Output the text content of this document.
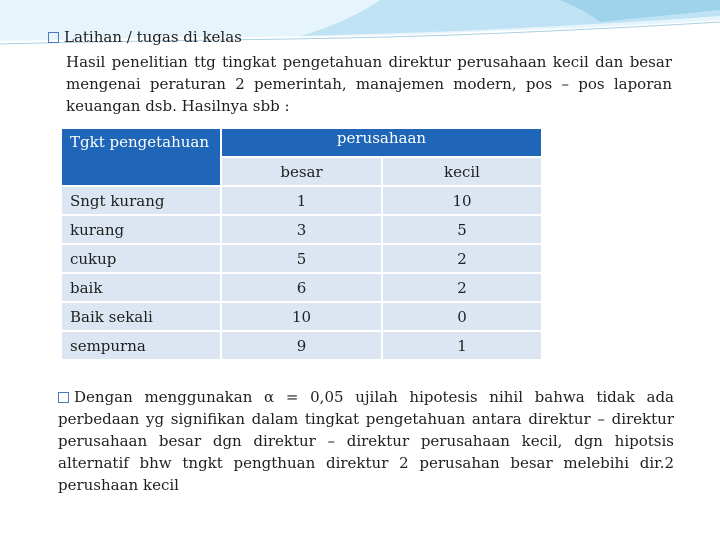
Latihan / tugas di kelas
Hasil penelitian ttg tingkat pengetahuan direktur perusahaan kecil dan besar mengenai peraturan 2 pemerintah, manajemen modern, pos – pos laporan keuangan dsb. Hasilnya sbb :
Tgkt pengetahuan	perusahaan	
	besar	kecil
Sngt kurang	1	10
kurang	3	5
cukup	5	2
baik	6	2
Baik sekali	10	0
sempurna	9	1
Dengan menggunakan α = 0,05 ujilah hipotesis nihil bahwa tidak ada perbedaan yg signifikan dalam tingkat pengetahuan antara direktur – direktur perusahaan besar dgn direktur – direktur perusahaan kecil, dgn hipotsis alternatif bhw tngkt pengthuan direktur 2 perusahan besar melebihi dir.2 perushaan kecil
